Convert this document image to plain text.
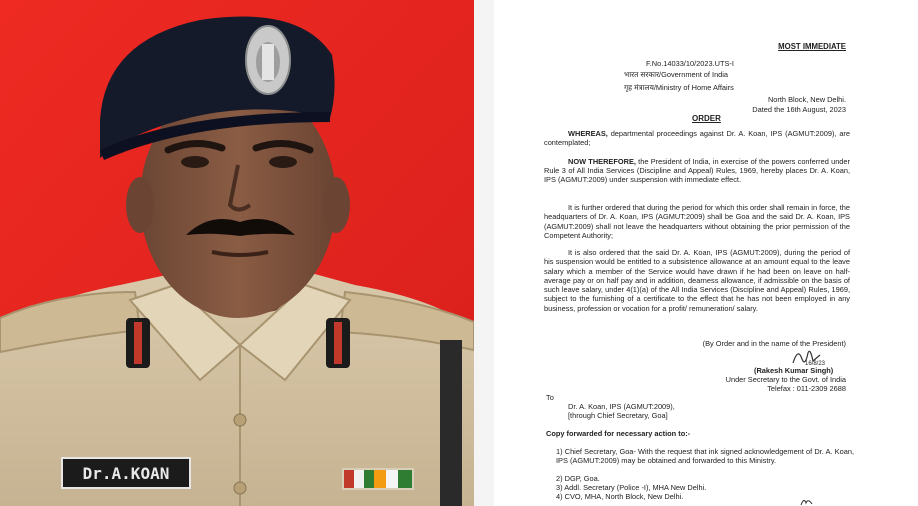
Dr.A.KOAN
MOST IMMEDIATE
F.No.14033/10/2023.UTS-I
भारत सरकार/Government of India
गृह मंत्रालय/Ministry of Home Affairs
North Block, New Delhi.
Dated the 16th August, 2023
ORDER
WHEREAS, departmental proceedings against Dr. A. Koan, IPS (AGMUT:2009), are contemplated;
NOW THEREFORE, the President of India, in exercise of the powers conferred under Rule 3 of All India Services (Discipline and Appeal) Rules, 1969, hereby places Dr. A. Koan, IPS (AGMUT:2009) under suspension with immediate effect.
It is further ordered that during the period for which this order shall remain in force, the headquarters of Dr. A. Koan, IPS (AGMUT:2009) shall be Goa and the said Dr. A. Koan, IPS (AGMUT:2009) shall not leave the headquarters without obtaining the prior permission of the Competent Authority;
It is also ordered that the said Dr. A. Koan, IPS (AGMUT:2009), during the period of his suspension would be entitled to a subsistence allowance at an amount equal to the leave salary which a member of the Service would have drawn if he had been on leave on half-average pay or on half pay and in addition, dearness allowance, if admissible on the basis of such leave salary, under 4(1)(a) of the All India Services (Discipline and Appeal) Rules, 1969, subject to the furnishing of a certificate to the effect that he has not been employed in any business, profession or vocation for a profit/ remuneration/ salary.
(By Order and in the name of the President)
16/8/23
(Rakesh Kumar Singh)
Under Secretary to the Govt. of India
Telefax : 011-2309 2688
To
Dr. A. Koan, IPS (AGMUT:2009),
[through Chief Secretary, Goa]
Copy forwarded for necessary action to:-
1) Chief Secretary, Goa- With the request that ink signed acknowledgement of Dr. A. Koan, IPS (AGMUT:2009) may be obtained and forwarded to this Ministry.
2) DGP, Goa.
3) Addl. Secretary (Police -I), MHA New Delhi.
4) CVO, MHA, North Block, New Delhi.
